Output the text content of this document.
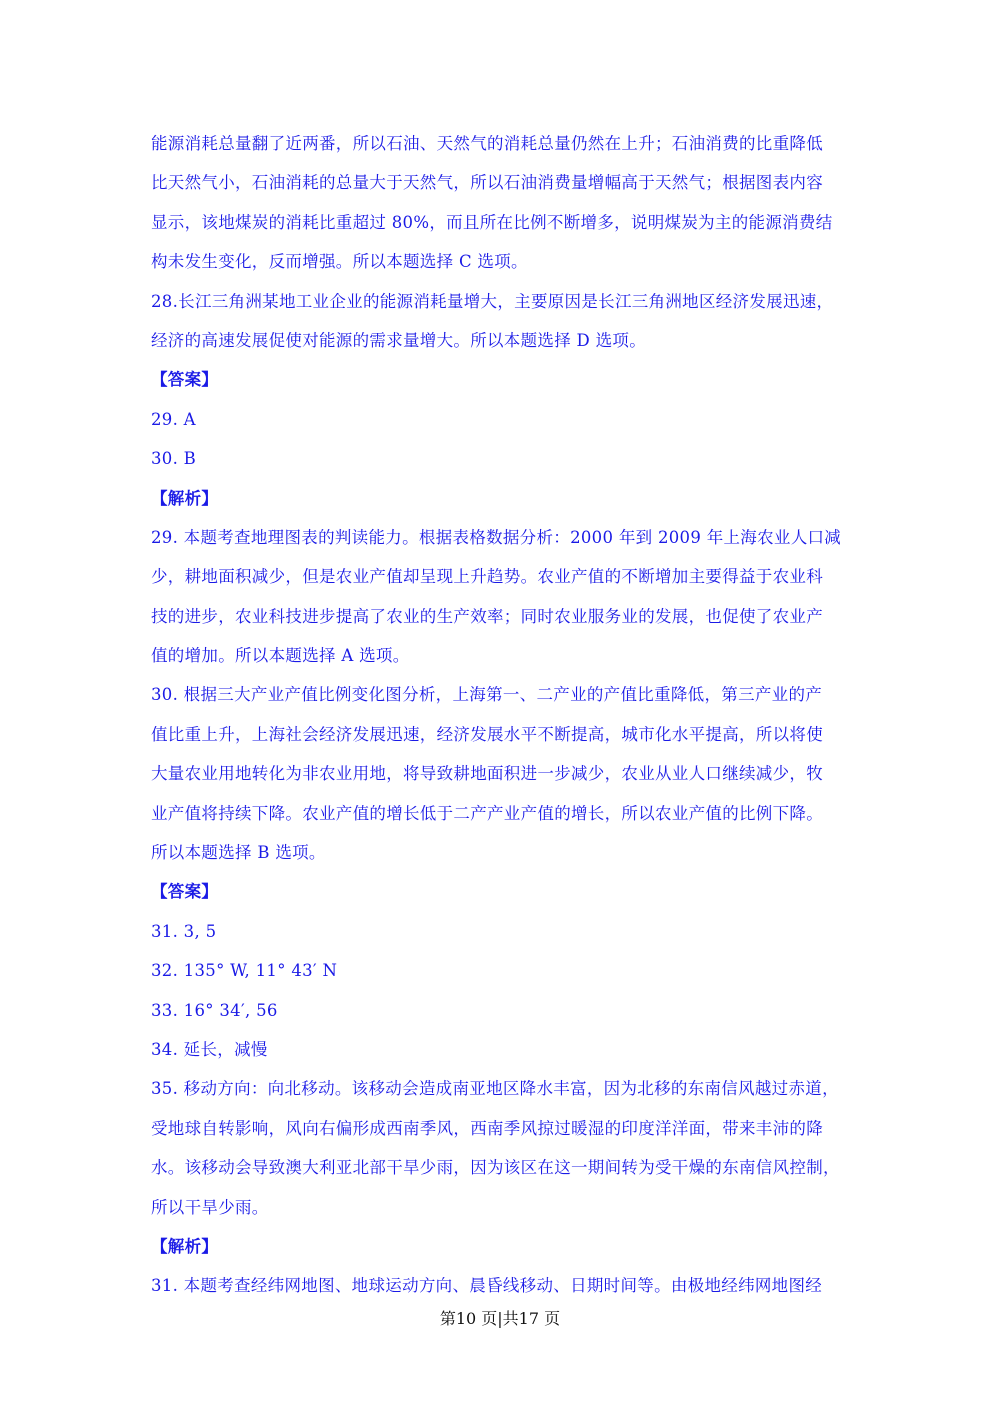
能源消耗总量翻了近两番，所以石油、天然气的消耗总量仍然在上升；石油消费的比重降低
比天然气小，石油消耗的总量大于天然气，所以石油消费量增幅高于天然气；根据图表内容
显示，该地煤炭的消耗比重超过 80%，而且所在比例不断增多，说明煤炭为主的能源消费结
构未发生变化，反而增强。所以本题选择 C 选项。
28.长江三角洲某地工业企业的能源消耗量增大，主要原因是长江三角洲地区经济发展迅速，
经济的高速发展促使对能源的需求量增大。所以本题选择 D 选项。
【答案】
29. A
30. B
【解析】
29. 本题考查地理图表的判读能力。根据表格数据分析：2000 年到 2009 年上海农业人口减
少，耕地面积减少，但是农业产值却呈现上升趋势。农业产值的不断增加主要得益于农业科
技的进步，农业科技进步提高了农业的生产效率；同时农业服务业的发展，也促使了农业产
值的增加。所以本题选择 A 选项。
30. 根据三大产业产值比例变化图分析，上海第一、二产业的产值比重降低，第三产业的产
值比重上升，上海社会经济发展迅速，经济发展水平不断提高，城市化水平提高，所以将使
大量农业用地转化为非农业用地，将导致耕地面积进一步减少，农业从业人口继续减少，牧
业产值将持续下降。农业产值的增长低于二产产业产值的增长，所以农业产值的比例下降。
所以本题选择 B 选项。
【答案】
31. 3, 5
32. 135° W, 11° 43′ N
33. 16° 34′, 56
34. 延长，减慢
35. 移动方向：向北移动。该移动会造成南亚地区降水丰富，因为北移的东南信风越过赤道，
受地球自转影响，风向右偏形成西南季风，西南季风掠过暖湿的印度洋洋面，带来丰沛的降
水。该移动会导致澳大利亚北部干旱少雨，因为该区在这一期间转为受干燥的东南信风控制，
所以干旱少雨。
【解析】
31. 本题考查经纬网地图、地球运动方向、晨昏线移动、日期时间等。由极地经纬网地图经
第10 页|共17 页
